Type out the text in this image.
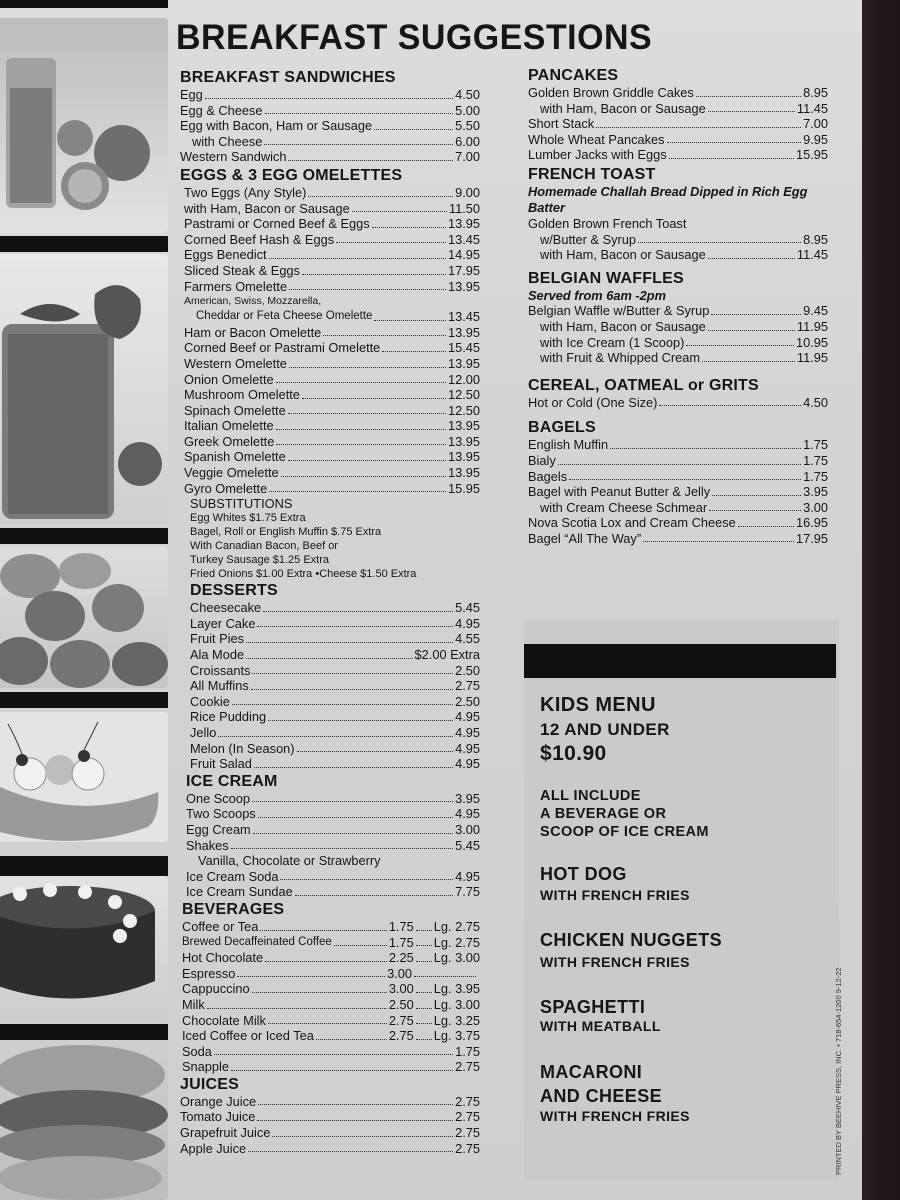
BREAKFAST SUGGESTIONS
BREAKFAST SANDWICHES
Egg	4.50
Egg & Cheese	5.00
Egg with Bacon, Ham or Sausage	5.50
with Cheese	6.00
Western Sandwich	7.00
EGGS & 3 EGG OMELETTES
Two Eggs (Any Style)	9.00
with Ham, Bacon or Sausage	11.50
Pastrami or Corned Beef & Eggs	13.95
Corned Beef Hash & Eggs	13.45
Eggs Benedict	14.95
Sliced Steak & Eggs	17.95
Farmers Omelette	13.95
American, Swiss, Mozzarella,
Cheddar or Feta Cheese Omelette	13.45
Ham or Bacon Omelette	13.95
Corned Beef or Pastrami Omelette	15.45
Western Omelette	13.95
Onion Omelette	12.00
Mushroom Omelette	12.50
Spinach Omelette	12.50
Italian Omelette	13.95
Greek Omelette	13.95
Spanish Omelette	13.95
Veggie Omelette	13.95
Gyro Omelette	15.95
SUBSTITUTIONS
Egg Whites $1.75 Extra
Bagel, Roll or English Muffin $.75 Extra
With Canadian Bacon, Beef or
Turkey Sausage $1.25 Extra
Fried Onions $1.00 Extra •Cheese $1.50 Extra
DESSERTS
Cheesecake	5.45
Layer Cake	4.95
Fruit Pies	4.55
Ala Mode	$2.00 Extra
Croissants	2.50
All Muffins	2.75
Cookie	2.50
Rice Pudding	4.95
Jello	4.95
Melon (In Season)	4.95
Fruit Salad	4.95
ICE CREAM
One Scoop	3.95
Two Scoops	4.95
Egg Cream	3.00
Shakes	5.45
Vanilla, Chocolate or Strawberry
Ice Cream Soda	4.95
Ice Cream Sundae	7.75
BEVERAGES
Coffee or Tea	1.75 Lg. 2.75
Brewed Decaffeinated Coffee	1.75 Lg. 2.75
Hot Chocolate	2.25 Lg. 3.00
Espresso	3.00
Cappuccino	3.00 Lg. 3.95
Milk	2.50 Lg. 3.00
Chocolate Milk	2.75 Lg. 3.25
Iced Coffee or Iced Tea	2.75 Lg. 3.75
Soda	1.75
Snapple	2.75
JUICES
Orange Juice	2.75
Tomato Juice	2.75
Grapefruit Juice	2.75
Apple Juice	2.75
PANCAKES
Golden Brown Griddle Cakes	8.95
with Ham, Bacon or Sausage	11.45
Short Stack	7.00
Whole Wheat Pancakes	9.95
Lumber Jacks with Eggs	15.95
FRENCH TOAST
Homemade Challah Bread Dipped in Rich Egg Batter
Golden Brown French Toast
w/Butter & Syrup	8.95
with Ham, Bacon or Sausage	11.45
BELGIAN WAFFLES
Served from 6am -2pm
Belgian Waffle w/Butter & Syrup	9.45
with Ham, Bacon or Sausage	11.95
with Ice Cream (1 Scoop)	10.95
with Fruit & Whipped Cream	11.95
CEREAL, OATMEAL or GRITS
Hot or Cold (One Size)	4.50
BAGELS
English Muffin	1.75
Bialy	1.75
Bagels	1.75
Bagel with Peanut Butter & Jelly	3.95
with Cream Cheese Schmear	3.00
Nova Scotia Lox and Cream Cheese	16.95
Bagel “All The Way”	17.95
KIDS MENU
12 AND UNDER
$10.90
ALL INCLUDE
A BEVERAGE OR
SCOOP OF ICE CREAM
HOT DOG
WITH FRENCH FRIES
CHICKEN NUGGETS
WITH FRENCH FRIES
SPAGHETTI
WITH MEATBALL
MACARONI
AND CHEESE
WITH FRENCH FRIES	PRINTED BY BEEHIVE PRESS, INC. • 718-654-1200 9-12-22
